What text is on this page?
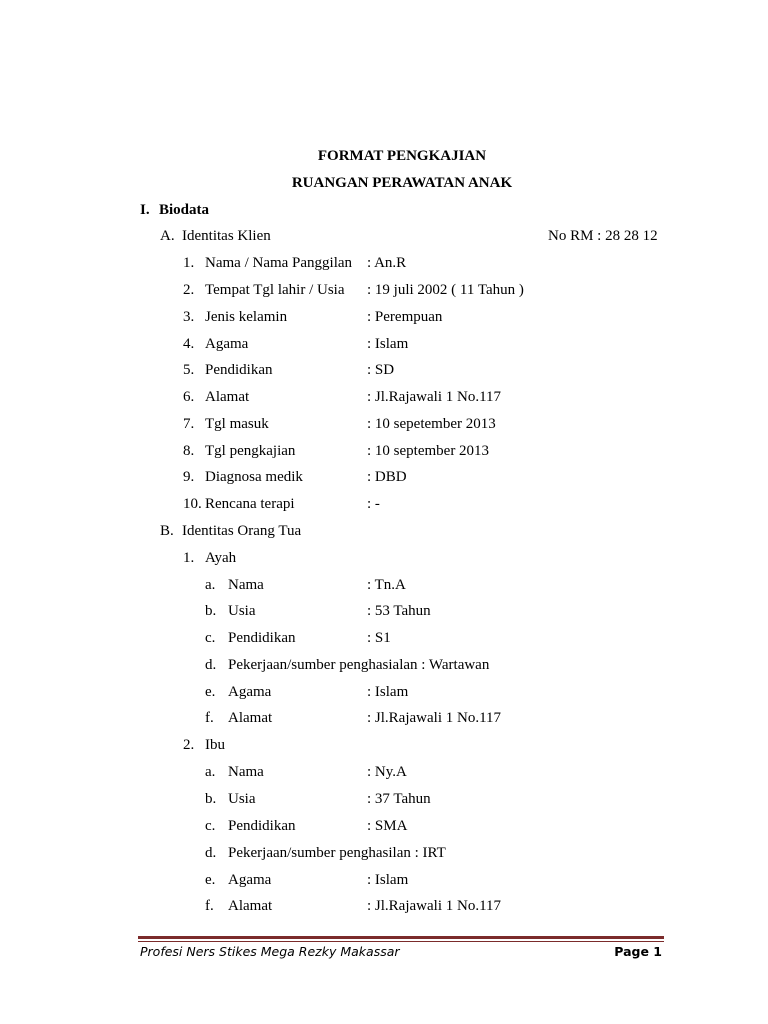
FORMAT PENGKAJIAN
RUANGAN PERAWATAN ANAK
I. Biodata
A. Identitas Klien	No RM : 28 28 12
1. Nama / Nama Panggilan : An.R
2. Tempat Tgl lahir / Usia : 19 juli 2002 ( 11 Tahun )
3. Jenis kelamin	: Perempuan
4. Agama	: Islam
5. Pendidikan	: SD
6. Alamat	: Jl.Rajawali 1 No.117
7. Tgl masuk	: 10 sepetember 2013
8. Tgl pengkajian	: 10 september 2013
9. Diagnosa medik	: DBD
10. Rencana terapi	: -
B. Identitas Orang Tua
1. Ayah
a. Nama	: Tn.A
b. Usia	: 53 Tahun
c. Pendidikan	: S1
d. Pekerjaan/sumber penghasialan : Wartawan
e. Agama	: Islam
f. Alamat	: Jl.Rajawali 1 No.117
2. Ibu
a. Nama	: Ny.A
b. Usia	: 37 Tahun
c. Pendidikan	: SMA
d. Pekerjaan/sumber penghasilan : IRT
e. Agama	: Islam
f. Alamat	: Jl.Rajawali 1 No.117
Profesi Ners Stikes Mega Rezky Makassar	Page 1
